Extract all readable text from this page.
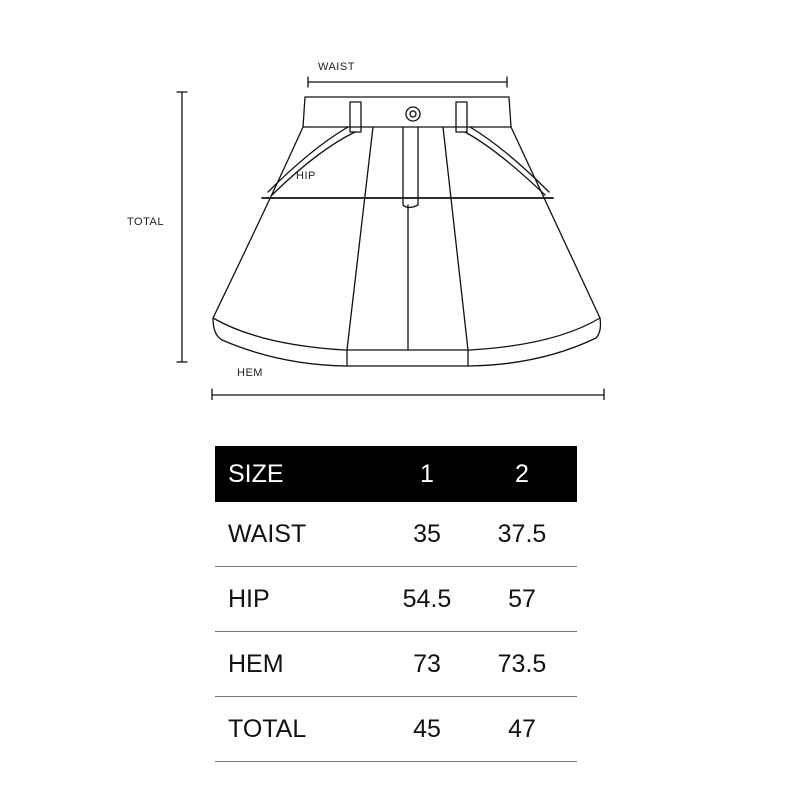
WAIST
HIP
TOTAL
HEM
SIZE	1	2
WAIST	35	37.5
HIP	54.5	57
HEM	73	73.5
TOTAL	45	47
